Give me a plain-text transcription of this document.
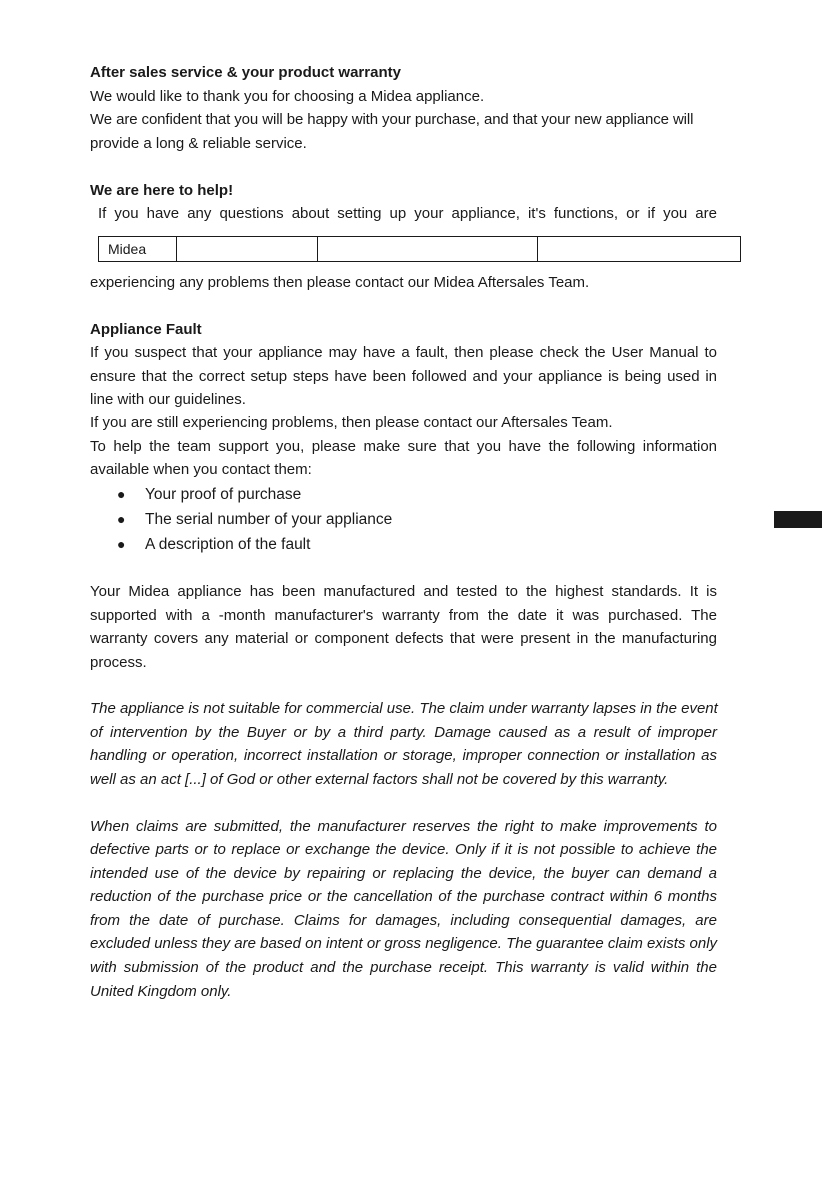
After sales service & your product warranty
We would like to thank you for choosing a Midea appliance.
We are confident that you will be happy with your purchase, and that your new appliance will
provide a long & reliable service.
We are here to help!
If you have any questions about setting up your appliance, it's functions, or if you are
Midea			
experiencing any problems then please contact our Midea Aftersales Team.
Appliance Fault
If you suspect that your appliance may have a fault, then please check the User Manual to
ensure that the correct setup steps have been followed and your appliance is being used in
line with our guidelines.
If you are still experiencing problems, then please contact our Aftersales Team.
To help the team support you, please make sure that you have the following information
available when you contact them:
● Your proof of purchase
● The serial number of your appliance
● A description of the fault
Your Midea appliance has been manufactured and tested to the highest standards. It is
supported with a -month manufacturer's warranty from the date it was purchased. The
warranty covers any material or component defects that were present in the manufacturing
process.
The appliance is not suitable for commercial use. The claim under warranty lapses in the event
of intervention by the Buyer or by a third party. Damage caused as a result of improper
handling or operation, incorrect installation or storage, improper connection or installation as
well as an act [...] of God or other external factors shall not be covered by this warranty.
When claims are submitted, the manufacturer reserves the right to make improvements to
defective parts or to replace or exchange the device. Only if it is not possible to achieve the
intended use of the device by repairing or replacing the device, the buyer can demand a
reduction of the purchase price or the cancellation of the purchase contract within 6 months
from the date of purchase. Claims for damages, including consequential damages, are
excluded unless they are based on intent or gross negligence. The guarantee claim exists only
with submission of the product and the purchase receipt. This warranty is valid within the
United Kingdom only.
